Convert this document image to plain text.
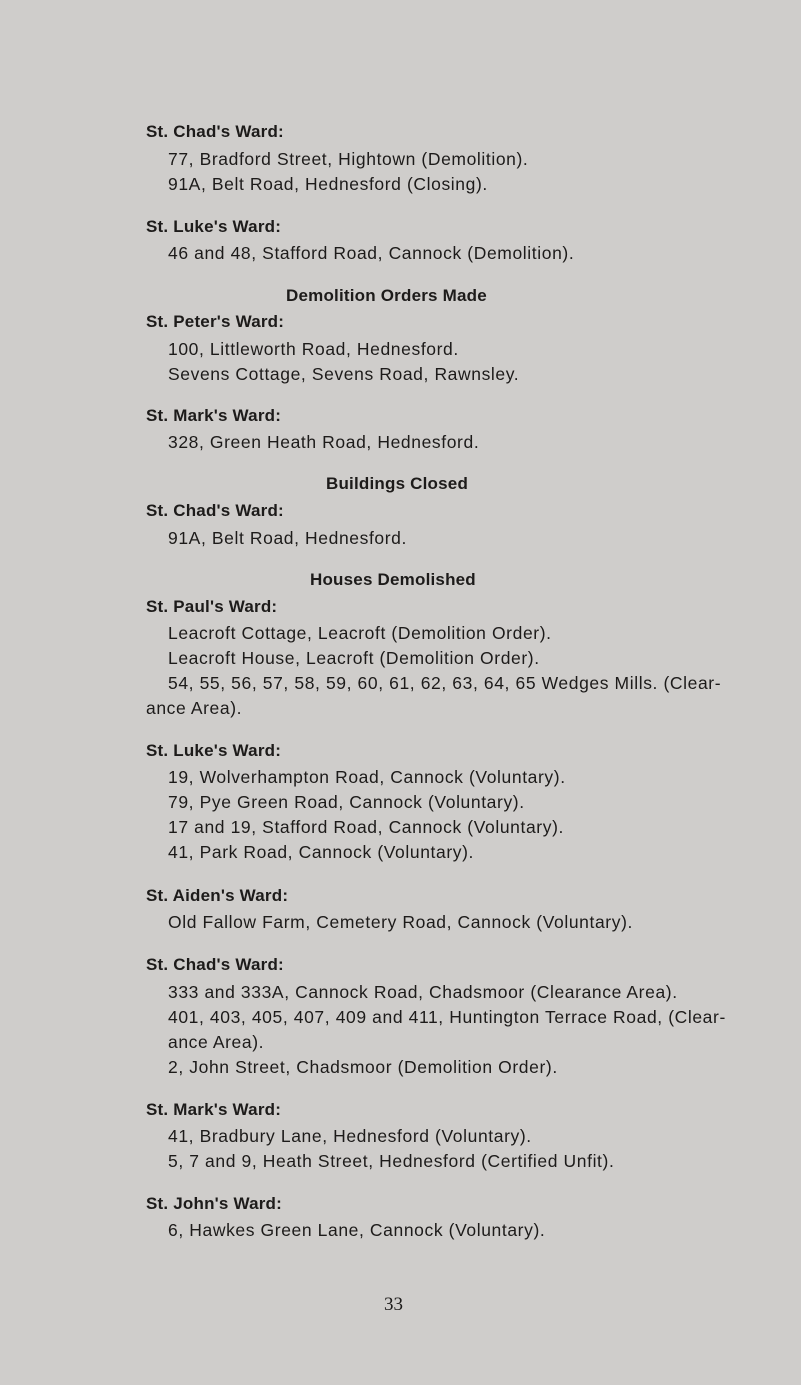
St. Chad's Ward:
77, Bradford Street, Hightown (Demolition).
91A, Belt Road, Hednesford (Closing).
St. Luke's Ward:
46 and 48, Stafford Road, Cannock (Demolition).
Demolition Orders Made
St. Peter's Ward:
100, Littleworth Road, Hednesford.
Sevens Cottage, Sevens Road, Rawnsley.
St. Mark's Ward:
328, Green Heath Road, Hednesford.
Buildings Closed
St. Chad's Ward:
91A, Belt Road, Hednesford.
Houses Demolished
St. Paul's Ward:
Leacroft Cottage, Leacroft (Demolition Order).
Leacroft House, Leacroft (Demolition Order).
54, 55, 56, 57, 58, 59, 60, 61, 62, 63, 64, 65 Wedges Mills. (Clear-
ance Area).
St. Luke's Ward:
19, Wolverhampton Road, Cannock (Voluntary).
79, Pye Green Road, Cannock (Voluntary).
17 and 19, Stafford Road, Cannock (Voluntary).
41, Park Road, Cannock (Voluntary).
St. Aiden's Ward:
Old Fallow Farm, Cemetery Road, Cannock (Voluntary).
St. Chad's Ward:
333 and 333A, Cannock Road, Chadsmoor (Clearance Area).
401, 403, 405, 407, 409 and 411, Huntington Terrace Road, (Clear-
ance Area).
2, John Street, Chadsmoor (Demolition Order).
St. Mark's Ward:
41, Bradbury Lane, Hednesford (Voluntary).
5, 7 and 9, Heath Street, Hednesford (Certified Unfit).
St. John's Ward:
6, Hawkes Green Lane, Cannock (Voluntary).
33
